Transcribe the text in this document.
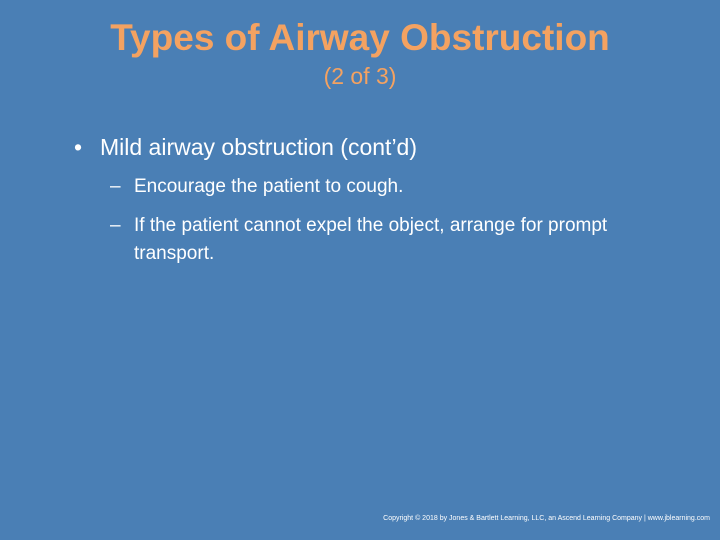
Types of Airway Obstruction
(2 of 3)
• Mild airway obstruction (cont’d)
– Encourage the patient to cough.
– If the patient cannot expel the object, arrange for prompt transport.
Copyright © 2018 by Jones & Bartlett Learning, LLC, an Ascend Learning Company | www.jblearning.com
